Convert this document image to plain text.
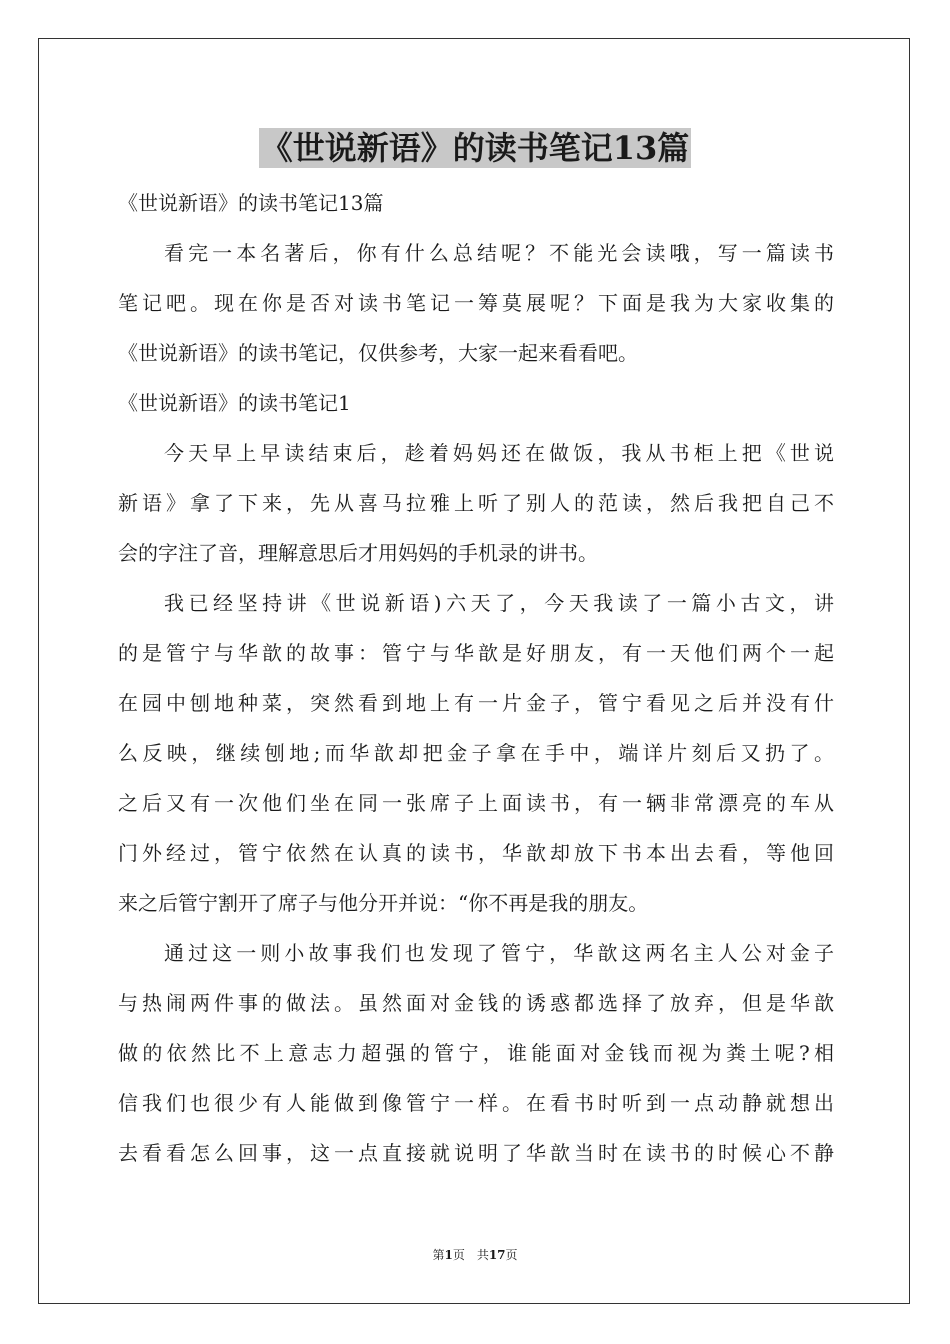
《世说新语》的读书笔记13篇
《世说新语》的读书笔记13篇
看完一本名著后，你有什么总结呢？不能光会读哦，写一篇读书
笔记吧。现在你是否对读书笔记一筹莫展呢？下面是我为大家收集的
《世说新语》的读书笔记，仅供参考，大家一起来看看吧。
《世说新语》的读书笔记1
今天早上早读结束后，趁着妈妈还在做饭，我从书柜上把《世说
新语》拿了下来，先从喜马拉雅上听了别人的范读，然后我把自己不
会的字注了音，理解意思后才用妈妈的手机录的讲书。
我已经坚持讲《世说新语)六天了，今天我读了一篇小古文，讲
的是管宁与华歆的故事：管宁与华歆是好朋友，有一天他们两个一起
在园中刨地种菜，突然看到地上有一片金子，管宁看见之后并没有什
么反映，继续刨地;而华歆却把金子拿在手中，端详片刻后又扔了。
之后又有一次他们坐在同一张席子上面读书，有一辆非常漂亮的车从
门外经过，管宁依然在认真的读书，华歆却放下书本出去看，等他回
来之后管宁割开了席子与他分开并说：“你不再是我的朋友。
通过这一则小故事我们也发现了管宁，华歆这两名主人公对金子
与热闹两件事的做法。虽然面对金钱的诱惑都选择了放弃，但是华歆
做的依然比不上意志力超强的管宁，谁能面对金钱而视为粪土呢?相
信我们也很少有人能做到像管宁一样。在看书时听到一点动静就想出
去看看怎么回事，这一点直接就说明了华歆当时在读书的时候心不静
第1页　共17页
